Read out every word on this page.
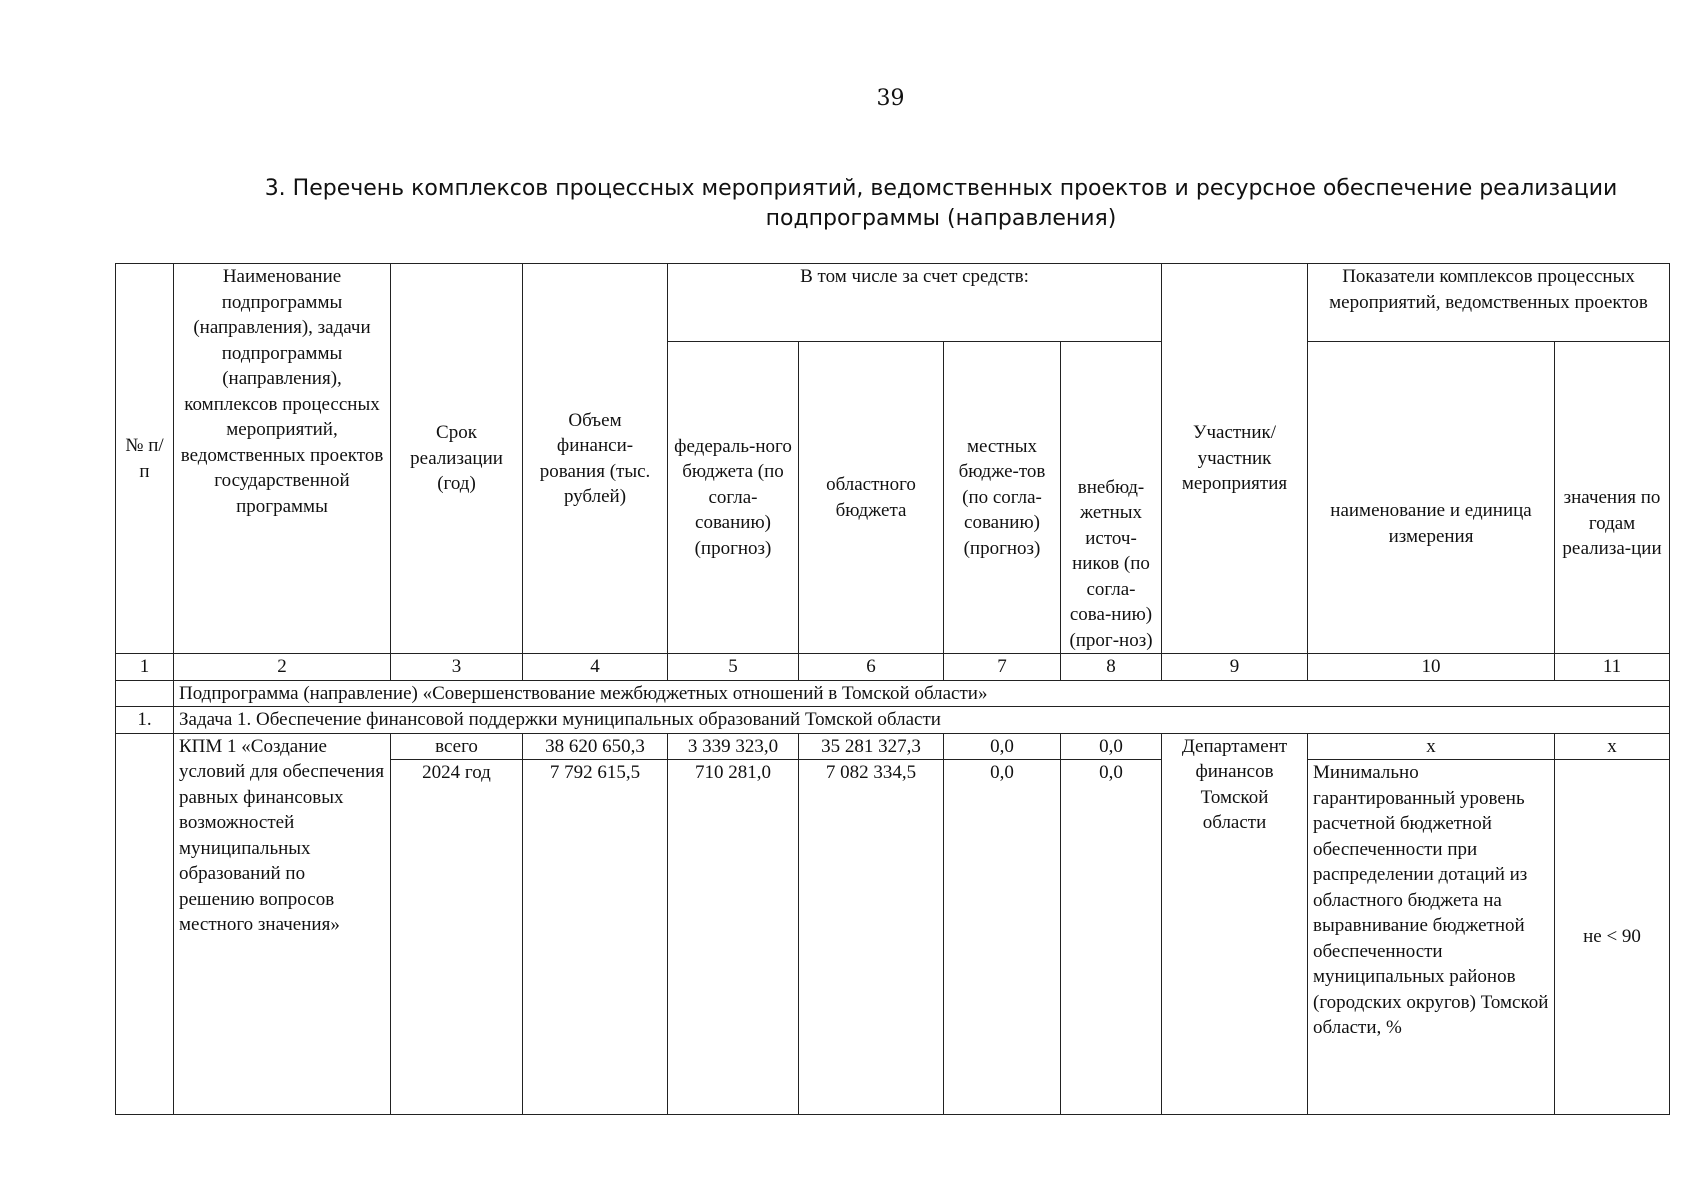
39
3. Перечень комплексов процессных мероприятий, ведомственных проектов и ресурсное обеспечение реализации подпрограммы (направления)
№ п/п	Наименование подпрограммы (направления), задачи подпрограммы (направления), комплексов процессных мероприятий, ведомственных проектов государственной программы	Срок реализации (год)	Объем финанси-рования (тыс. рублей)	В том числе за счет средств:				Участник/ участник мероприятия	Показатели комплексов процессных мероприятий, ведомственных проектов	
				федераль-ного бюджета (по согла-сованию) (прогноз)	областного бюджета	местных бюдже-тов (по согла-сованию) (прогноз)	внебюд-жетных источ-ников (по согла-сова-нию) (прог-ноз)		наименование и единица измерения	значения по годам реализа-ции
1	2	3	4	5	6	7	8	9	10	11
	Подпрограмма (направление) «Совершенствование межбюджетных отношений в Томской области»									
1.	Задача 1. Обеспечение финансовой поддержки муниципальных образований Томской области									
	КПМ 1 «Создание условий для обеспечения равных финансовых возможностей муниципальных образований по решению вопросов местного значения»	всего	38 620 650,3	3 339 323,0	35 281 327,3	0,0	0,0	Департамент финансов Томской области	х	х
		2024 год	7 792 615,5	710 281,0	7 082 334,5	0,0	0,0		Минимально гарантированный уровень расчетной бюджетной обеспеченности при распределении дотаций из областного бюджета на выравнивание бюджетной обеспеченности муниципальных районов (городских округов) Томской области, %	не < 90
